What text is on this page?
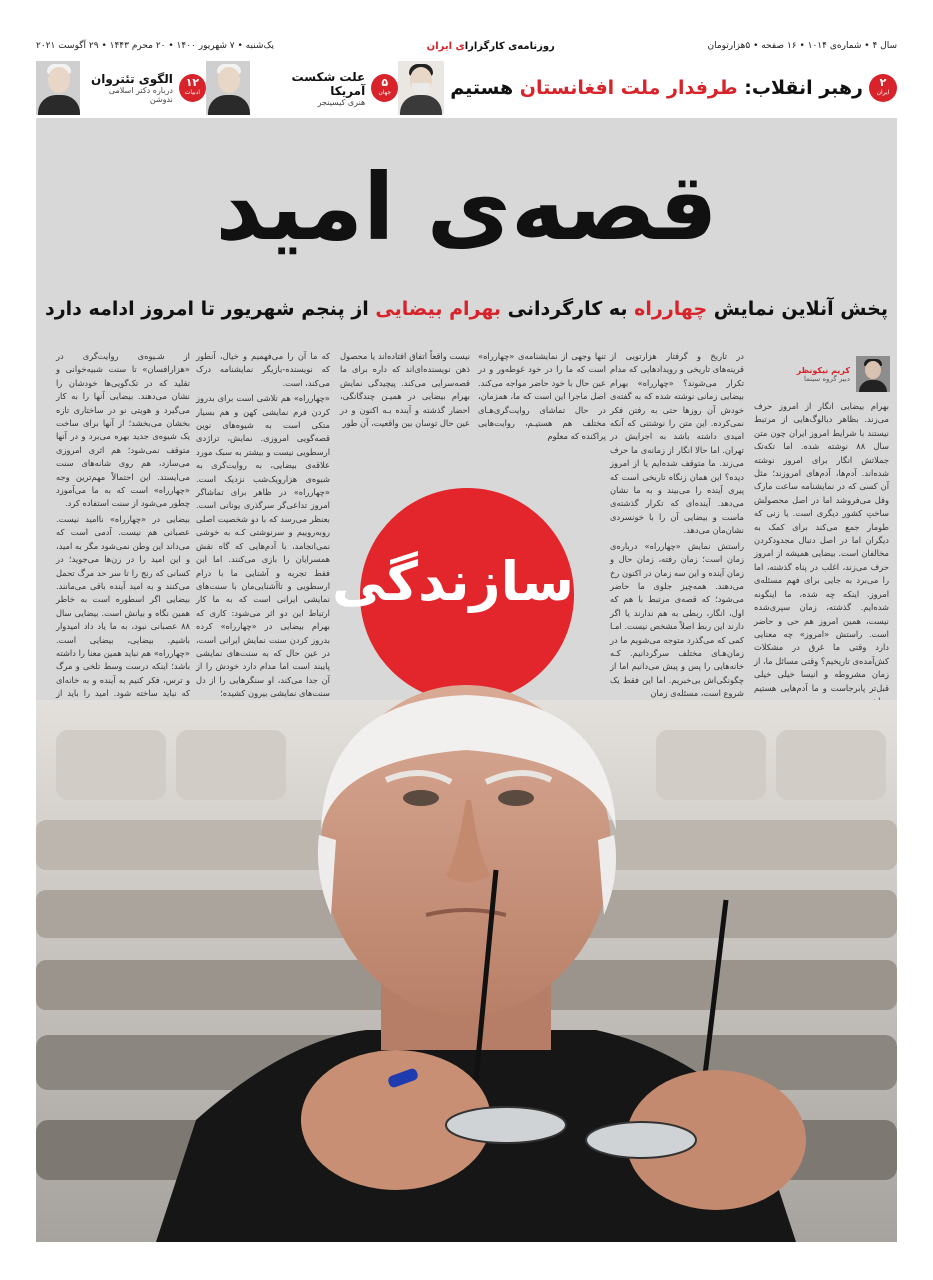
سال ۴ • شماره‌ی ۱۰۱۴ • ۱۶ صفحه • ۵هزارتومان
روزنامه‌ی کارگزارای ایران
یک‌شنبه • ۷ شهریور ۱۴۰۰ • ۲۰ محرم ۱۴۴۳ • ۲۹ آگوست ۲۰۲۱
۲
ایران
رهبر انقلاب: طرفدار ملت افغانستان هستیم
۵
جهان
علت شکست آمریکا
هنری کیسینجر
۱۲
ادبیات
الگوی تئتروان
درباره دکتر اسلامی ندوشن
قصه‌ی امید
پخش آنلاین نمایش چهارراه به کارگردانی بهرام بیضایی از پنجم شهریور تا امروز ادامه دارد
کریم نیکونظر
دبیر گروه سینما

بهرام بیضایی انگار از امروز حرف می‌زند. بظاهر دیالوگ‌هایی از مرتبط نیستند با شرایط امروز ایران چون متن سال ۸۸ نوشته شده. اما تکه‌تک جملاتش انگار برای امروز نوشته شده‌اند. آدم‌ها، آدم‌های امروزند؛ مثل آن کسی که در نمایشنامه ساعت مارک وفل می‌فروشد اما در اصل محصولش ساختِ کشور دیگری است. یا زنی که طومار جمع می‌کند برای کمک به دیگران اما در اصل دنبال مجدودکردن مخالفان است. بیضایی همیشه از امروز حرف می‌زند، اغلب در پناه گذشته، اما را می‌برد به جایی برای فهم مسئله‌ی امروز. اینکه چه شده، ما اینگونه شده‌ایم. گذشته، زمان سپری‌شده نیست، همین امروز هم حی و حاضر است. راستش «امروز» چه معنایی دارد وقتی ما غرق در مشکلات کش‌آمده‌ی تاریخیم؟ وقتی مسائل ما، از زمان مشروطه و انیسا خیلی خیلی قبل‌تر پابرجاست و ما آدم‌هایی هستیم

در تاریخ و گرفتار هزارتویی از قرینه‌های تاریخی و رویدادهایی که مدام تکرار می‌شوند؟ «چهارراه» بهرام بیضایی زمانی نوشته شده که به گفته‌ی خودش آن روزها حتی به رفتن فکر نمی‌کرده. این متن را نوشتنی که آنکه امیدی داشته باشد به اجرایش در تهران. اما حالا انگار از زمانه‌ی ما حرف می‌زند. ما متوقف شده‌ایم یا از امروز دیده‌؟ این همان زنگاه تاریخی است که پیری آینده را می‌بیند و به ما نشان می‌دهد. آینده‌ای که تکرار گذشته‌ی ماست و بیضایی آن را با خونسردی نشان‌مان می‌دهد.

راستش نمایش «چهارراه» درباره‌ی زمان است؛ زمان رفته، زمان حال و زمان آینده و این سه زمان در اکنون رخ می‌دهند. همه‌چیز جلوی ما حاضر می‌شود؛ که قصه‌ی مرتبط با هم که اول، انگار، ربطی به هم ندارند یا اگر دارند این ربط اصلاً مشخص نیست. امـا کمی که می‌گذرد متوجه می‌شویم ما در زمان‌هـای مختلف سرگردانیم. کـه خانه‌هایی را پس و پیش می‌دانیم اما از چگونگی‌اش بی‌خبریم. اما این فقط یک شروع است، مسئله‌ی زمان

تنها وجهی از نمایشنامه‌ی «چهارراه» است که ما را در خود غوطه‌ور و در عین حال با خود حاضر مواجه می‌کند. اصل ماجرا این است که ما، همزمان، در حال تماشای روایت‌گری‌هـای مختلف هم هستیـم، روایت‌هایی پراکنده که معلوم

نیست واقعاً اتفاق افتاده‌اند یا محصول ذهن نویسنده‌ای‌اند که داره برای ما قصه‌سرایی می‌کند. پیچیدگی نمایش بهرام بیضایی در همیـن چندگانگی، احضار گذشته و آینده بـه اکنون و در عین حال توسان بین واقعیت، آن طور

که ما آن را می‌فهمیم و خیال، آنطور که نویسنده-بازیگر نمایشنامه درک می‌کند، است.

«چهارراه» هم تلاشی است برای بدروز کردن فرم نمایشی کهن و هم بسیار متکی است به شیوه‌های نوین قصه‌گویی امروزی. نمایش، تراژدی ارسطویی نیست و بیشتر به سبک مورد علاقه‌ی بیضایی، به روایت‌گری به شیوه‌ی هزارویک‌شب نزدیک است. «چهارراه» در ظاهر برای تماشاگر امروز تداعی‌گر سرگذری یونانی است. بعنظر می‌رسد که با دو شخصیت اصلی روبه‌روییم و سرنوشتی کـه به خوشی نمی‌انجامد، با آدم‌هایی که گاه نقش همسرایان را بازی می‌کنند. اما این فقط تجربه و آشنایی ما با درام ارسطویی و تاآشنایی‌مان با سنت‌های نمایشی ایرانی است که به ما کار ارتباط این دو اثر می‌شود: کاری که بهرام بیضایی در «چهارراه» کرده بدروز کردن سنت نمایش ایرانی است، در عین حال که به سنت‌های نمایشی پایبند است اما مدام دارد خودش را از آن جدا می‌کند، او سنگرهایی را از دل سنت‌های نمایشی بیرون کشیده؛

از شـیوه‌ی روایت‌گری در «هزارافسان» تا سنت شبیه‌خوانی و تقلید که در تک‌گویی‌ها خودشان را نشان می‌دهند. بیضایی آنها را به کار می‌گیرد و هویتی نو در ساختاری تازه بخشان می‌بخشد؛ از آنها برای ساخت یک شیوه‌ی جدید بهره می‌برد و در آنها متوقف نمی‌شود؛ هم اثری امروزی می‌سازد، هم روی شانه‌های سنت می‌ایستد. این احتمالاً مهم‌ترین وجه «چهارراه» است که به ما می‌آموزد چطور می‌شود از سنت استفاده کرد.

بیضایی در «چهارراه» ناامید نیست. عصبانی هم نیست. آدمی است که می‌داند این وطن نمی‌شود مگر به امید، و این امید را در زن‌ها می‌جوید؛ در کسانی که رنج را تا سر حد مرگ تحمل می‌کنند و به امید آینده باقی می‌مانند. بیضایی اگر اسطوره است به خاطر همین نگاه و بیانش است. بیضایی سال ۸۸ عصبانی نبود، به ما یاد داد امیدوار باشیم. بیضایی، بیضایی است. «چهارراه» هم نباید همین معنا را داشته باشد؛ اینکه درست وسط تلخی و مرگ و ترس، فکر کنیم به آینده و به خانه‌ای که نباید ساخته شود. امید را باید از

سازندگی
